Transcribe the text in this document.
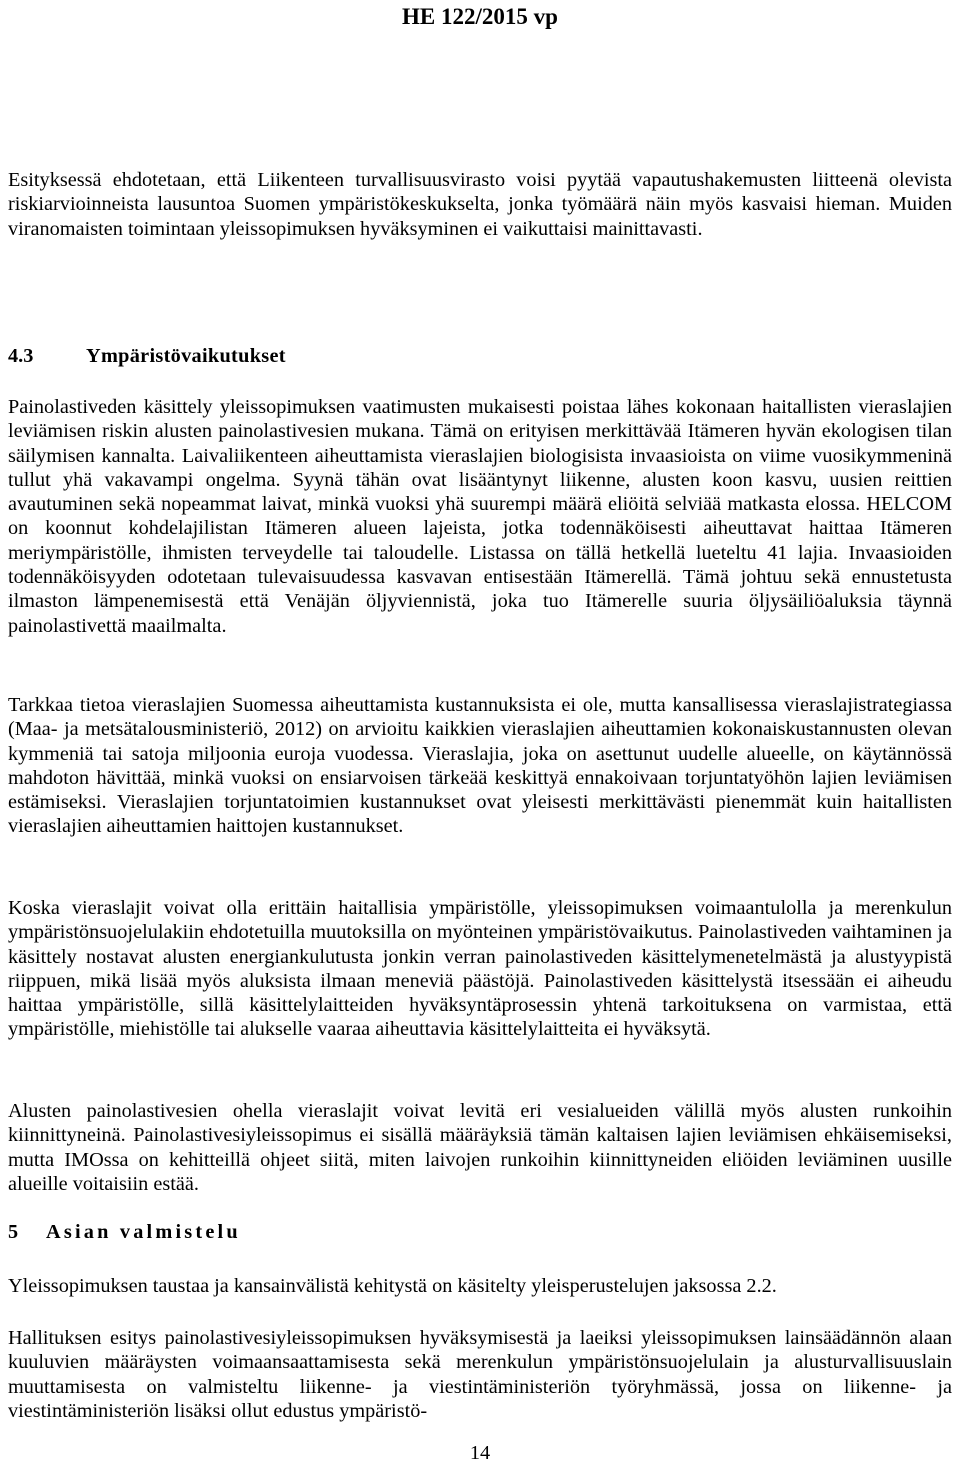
HE 122/2015 vp

Esityksessä ehdotetaan, että Liikenteen turvallisuusvirasto voisi pyytää vapautushakemusten liitteenä olevista riskiarvioinneista lausuntoa Suomen ympäristökeskukselta, jonka työmäärä näin myös kasvaisi hieman. Muiden viranomaisten toimintaan yleissopimuksen hyväksyminen ei vaikuttaisi mainittavasti.

4.3	Ympäristövaikutukset

Painolastiveden käsittely yleissopimuksen vaatimusten mukaisesti poistaa lähes kokonaan haitallisten vieraslajien leviämisen riskin alusten painolastivesien mukana. Tämä on erityisen merkittävää Itämeren hyvän ekologisen tilan säilymisen kannalta. Laivaliikenteen aiheuttamista vieraslajien biologisista invaasioista on viime vuosikymmeninä tullut yhä vakavampi ongelma. Syynä tähän ovat lisääntynyt liikenne, alusten koon kasvu, uusien reittien avautuminen sekä nopeammat laivat, minkä vuoksi yhä suurempi määrä eliöitä selviää matkasta elossa. HELCOM on koonnut kohdelajilistan Itämeren alueen lajeista, jotka todennäköisesti aiheuttavat haittaa Itämeren meriympäristölle, ihmisten terveydelle tai taloudelle. Listassa on tällä hetkellä lueteltu 41 lajia. Invaasioiden todennäköisyyden odotetaan tulevaisuudessa kasvavan entisestään Itämerellä. Tämä johtuu sekä ennustetusta ilmaston lämpenemisestä että Venäjän öljyviennistä, joka tuo Itämerelle suuria öljysäiliöaluksia täynnä painolastivettä maailmalta.

Tarkkaa tietoa vieraslajien Suomessa aiheuttamista kustannuksista ei ole, mutta kansallisessa vieraslajistrategiassa (Maa- ja metsätalousministeriö, 2012) on arvioitu kaikkien vieraslajien aiheuttamien kokonaiskustannusten olevan kymmeniä tai satoja miljoonia euroja vuodessa. Vieraslajia, joka on asettunut uudelle alueelle, on käytännössä mahdoton hävittää, minkä vuoksi on ensiarvoisen tärkeää keskittyä ennakoivaan torjuntatyöhön lajien leviämisen estämiseksi. Vieraslajien torjuntatoimien kustannukset ovat yleisesti merkittävästi pienemmät kuin haitallisten vieraslajien aiheuttamien haittojen kustannukset.

Koska vieraslajit voivat olla erittäin haitallisia ympäristölle, yleissopimuksen voimaantulolla ja merenkulun ympäristönsuojelulakiin ehdotetuilla muutoksilla on myönteinen ympäristövaikutus. Painolastiveden vaihtaminen ja käsittely nostavat alusten energiankulutusta jonkin verran painolastiveden käsittelymenetelmästä ja alustyypistä riippuen, mikä lisää myös aluksista ilmaan meneviä päästöjä. Painolastiveden käsittelystä itsessään ei aiheudu haittaa ympäristölle, sillä käsittelylaitteiden hyväksyntäprosessin yhtenä tarkoituksena on varmistaa, että ympäristölle, miehistölle tai alukselle vaaraa aiheuttavia käsittelylaitteita ei hyväksytä.

Alusten painolastivesien ohella vieraslajit voivat levitä eri vesialueiden välillä myös alusten runkoihin kiinnittyneinä. Painolastivesiyleissopimus ei sisällä määräyksiä tämän kaltaisen lajien leviämisen ehkäisemiseksi, mutta IMOssa on kehitteillä ohjeet siitä, miten laivojen runkoihin kiinnittyneiden eliöiden leviäminen uusille alueille voitaisiin estää.

5 Asian valmistelu

Yleissopimuksen taustaa ja kansainvälistä kehitystä on käsitelty yleisperustelujen jaksossa 2.2.

Hallituksen esitys painolastivesiyleissopimuksen hyväksymisestä ja laeiksi yleissopimuksen lainsäädännön alaan kuuluvien määräysten voimaansaattamisesta sekä merenkulun ympäristönsuojelulain ja alusturvallisuuslain muuttamisesta on valmisteltu liikenne- ja viestintäministeriön työryhmässä, jossa on liikenne- ja viestintäministeriön lisäksi ollut edustus ympäristö-

14
